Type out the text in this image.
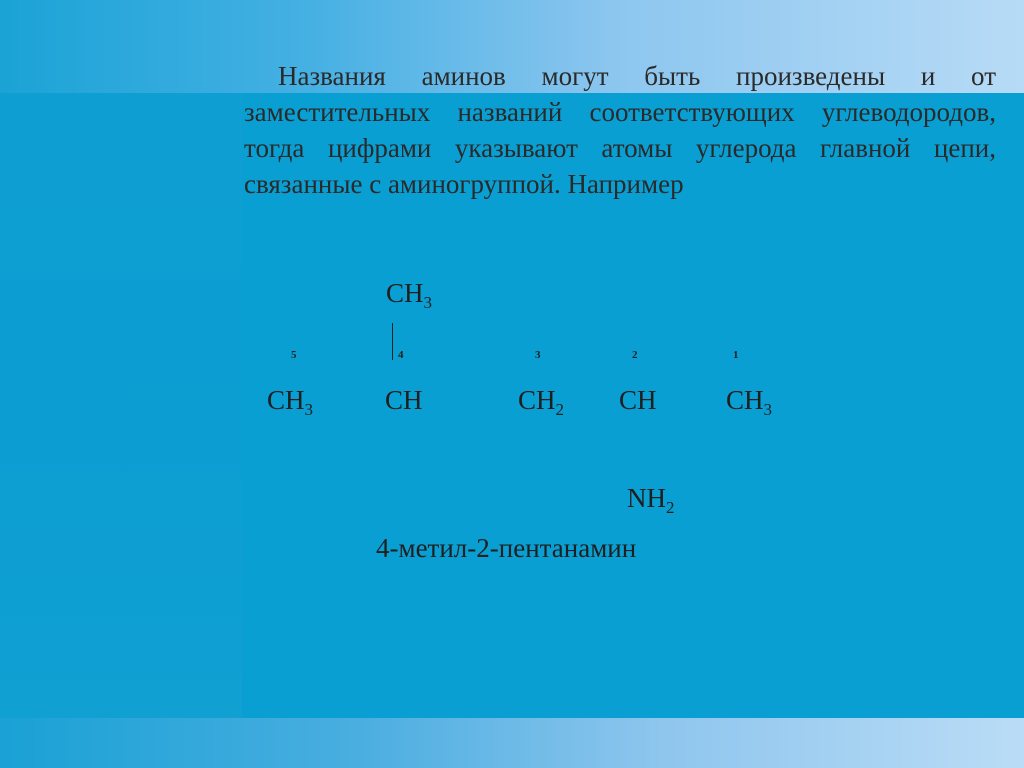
Названия аминов могут быть произведены и от заместительных названий соответствующих углеводородов, тогда цифрами указывают атомы углерода главной цепи, связанные с аминогруппой. Например
$CH_3$
5	4	3	2	1
$CH_3$	CH	$CH_2$ CH	$CH_3$
$NH_2$
4-метил-2-пентанамин
